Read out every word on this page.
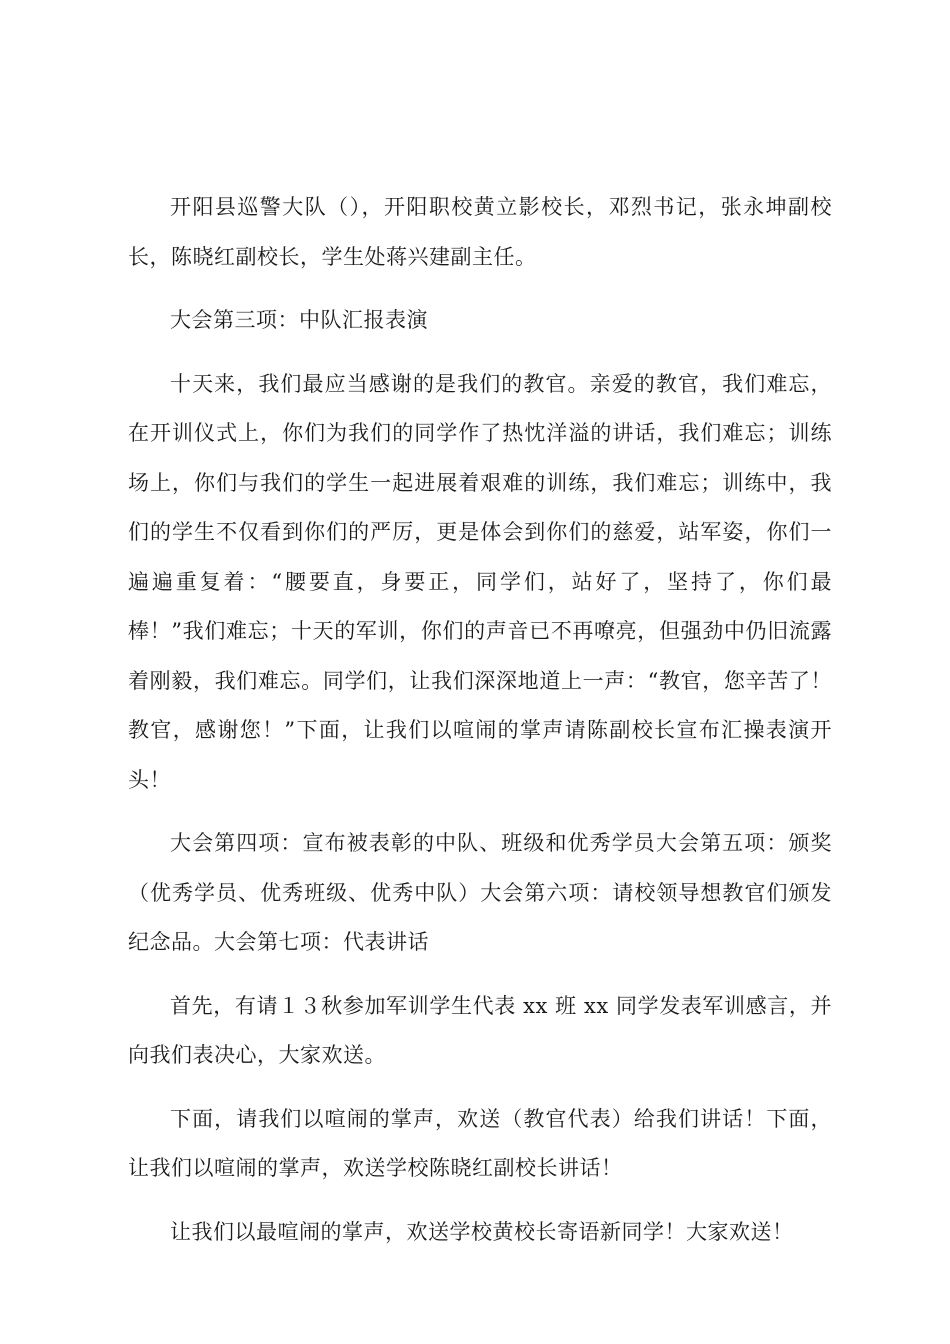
开阳县巡警大队（），开阳职校黄立影校长，邓烈书记，张永坤副校长，陈晓红副校长，学生处蒋兴建副主任。

大会第三项：中队汇报表演

十天来，我们最应当感谢的是我们的教官。亲爱的教官，我们难忘，在开训仪式上，你们为我们的同学作了热忱洋溢的讲话，我们难忘；训练场上，你们与我们的学生一起进展着艰难的训练，我们难忘；训练中，我们的学生不仅看到你们的严厉，更是体会到你们的慈爱，站军姿，你们一遍遍重复着：“腰要直，身要正，同学们，站好了，坚持了，你们最棒！”我们难忘；十天的军训，你们的声音已不再嘹亮，但强劲中仍旧流露着刚毅，我们难忘。同学们，让我们深深地道上一声：“教官，您辛苦了！教官，感谢您！”下面，让我们以喧闹的掌声请陈副校长宣布汇操表演开头！

大会第四项：宣布被表彰的中队、班级和优秀学员大会第五项：颁奖（优秀学员、优秀班级、优秀中队）大会第六项：请校领导想教官们颁发纪念品。大会第七项：代表讲话

首先，有请１３秋参加军训学生代表 xx 班 xx 同学发表军训感言，并向我们表决心，大家欢送。

下面，请我们以喧闹的掌声，欢送（教官代表）给我们讲话！下面，让我们以喧闹的掌声，欢送学校陈晓红副校长讲话！

让我们以最喧闹的掌声，欢送学校黄校长寄语新同学！大家欢送！
